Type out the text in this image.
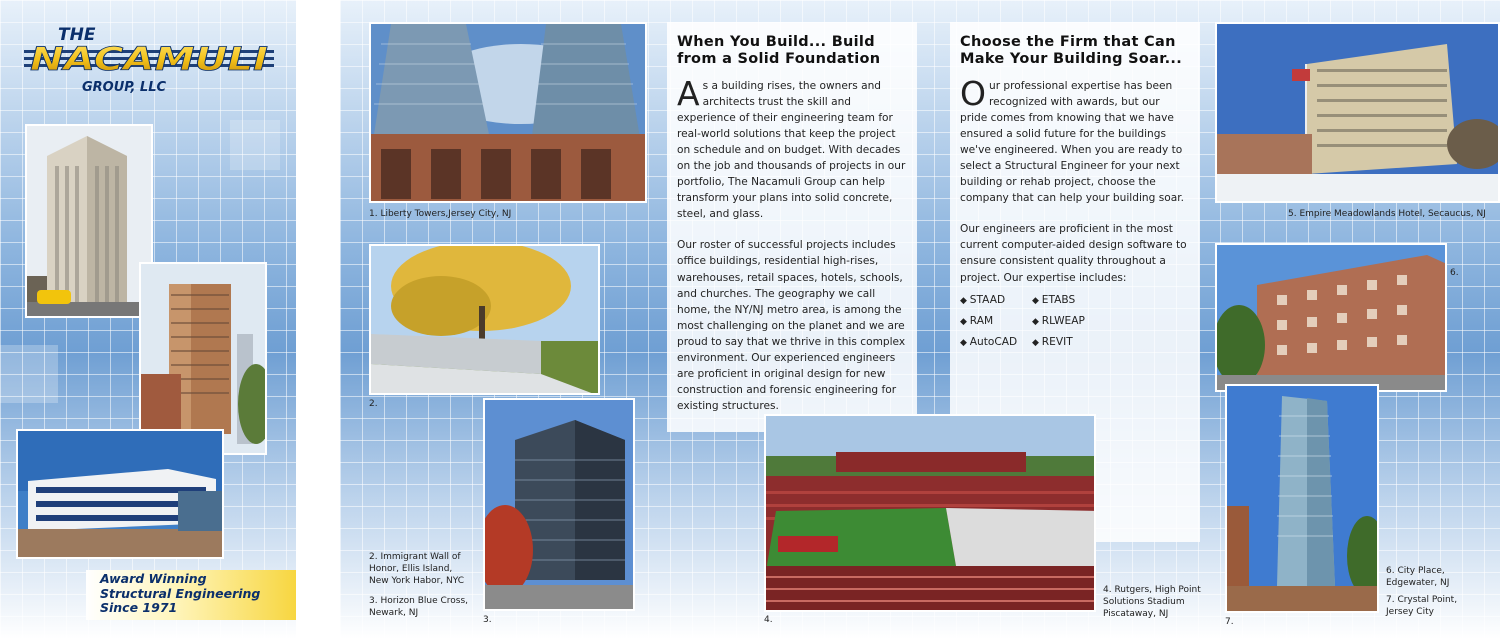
THE
NACAMULI
GROUP, LLC
Award Winning
Structural Engineering
Since 1971
1. Liberty Towers,Jersey City, NJ
2.
3.
2. Immigrant Wall of
Honor, Ellis Island,
New York Habor, NYC
3. Horizon Blue Cross,
Newark, NJ
When You Build... Build
from a Solid Foundation

As a building rises, the owners and architects trust the skill and experience of their engineering team for real-world solutions that keep the project on schedule and on budget. With decades on the job and thousands of projects in our portfolio, The Nacamuli Group can help transform your plans into solid concrete, steel, and glass.

Our roster of successful projects includes office buildings, residential high-rises, warehouses, retail spaces, hotels, schools, and churches. The geography we call home, the NY/NJ metro area, is among the most challenging on the planet and we are proud to say that we thrive in this complex environment. Our experienced engineers are proficient in original design for new construction and forensic engineering for existing structures.

Choose the Firm that Can
Make Your Building Soar...

Our professional expertise has been recognized with awards, but our pride comes from knowing that we have ensured a solid future for the buildings we've engineered. When you are ready to select a Structural Engineer for your next building or rehab project, choose the company that can help your building soar.

Our engineers are proficient in the most current computer-aided design software to ensure consistent quality throughout a project. Our expertise includes:

◆ STAAD	◆ ETABS
◆ RAM	◆ RLWEAP
◆ AutoCAD	◆ REVIT
4.
4. Rutgers, High Point
Solutions Stadium
Piscataway, NJ
5. Empire Meadowlands Hotel, Secaucus, NJ
6.
7.
6. City Place,
Edgewater, NJ
7. Crystal Point,
Jersey City
